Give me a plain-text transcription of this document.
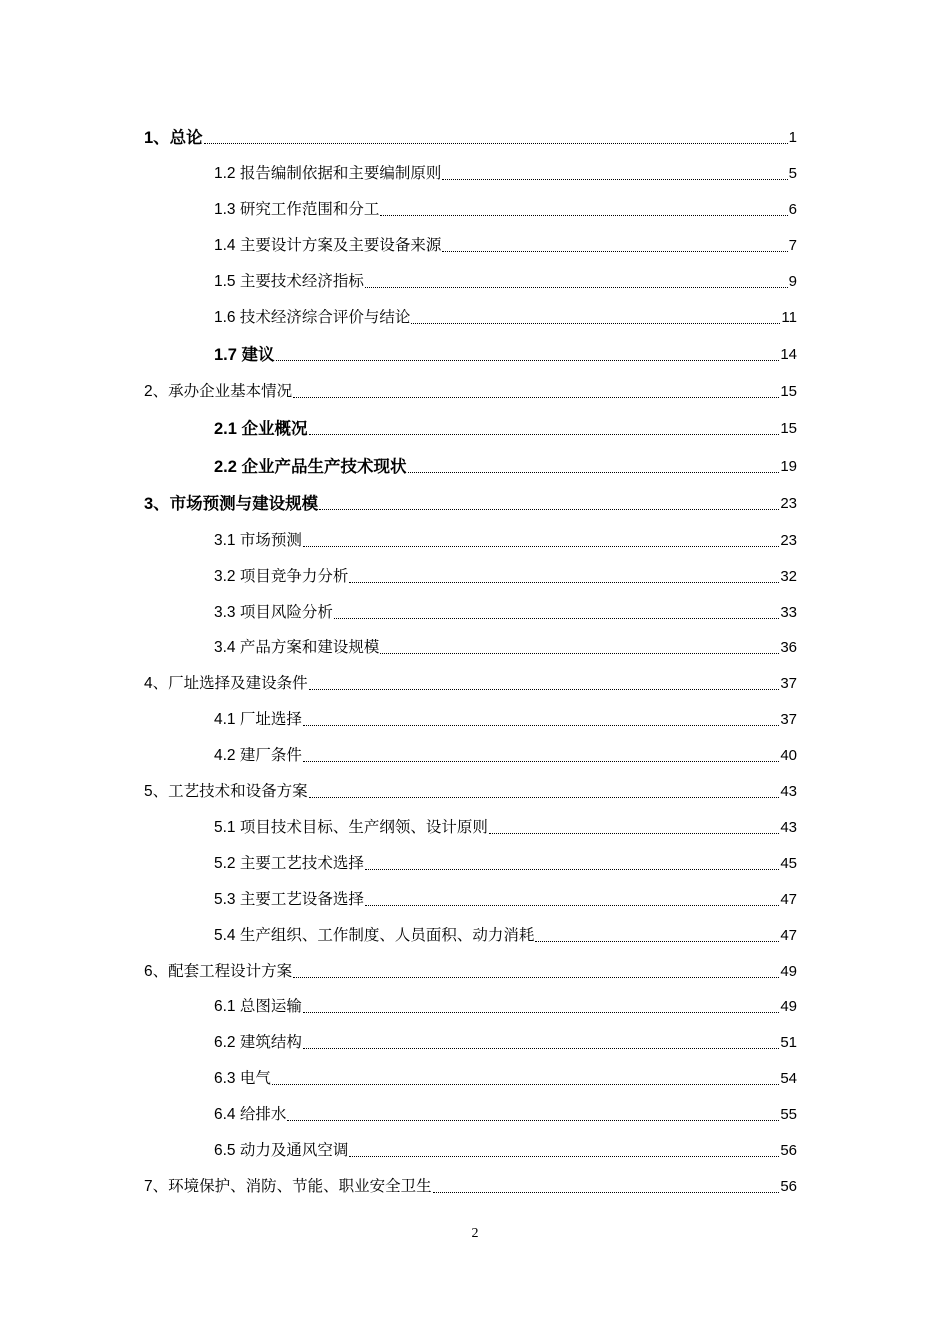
1、总论	1
1.2 报告编制依据和主要编制原则	5
1.3 研究工作范围和分工	6
1.4 主要设计方案及主要设备来源	7
1.5 主要技术经济指标	9
1.6 技术经济综合评价与结论	11
1.7 建议	14
2、承办企业基本情况	15
2.1 企业概况	15
2.2 企业产品生产技术现状	19
3、市场预测与建设规模	23
3.1 市场预测	23
3.2 项目竞争力分析	32
3.3 项目风险分析	33
3.4 产品方案和建设规模	36
4、厂址选择及建设条件	37
4.1 厂址选择	37
4.2 建厂条件	40
5、工艺技术和设备方案	43
5.1 项目技术目标、生产纲领、设计原则	43
5.2 主要工艺技术选择	45
5.3 主要工艺设备选择	47
5.4 生产组织、工作制度、人员面积、动力消耗	47
6、配套工程设计方案	49
6.1 总图运输	49
6.2 建筑结构	51
6.3 电气	54
6.4 给排水	55
6.5 动力及通风空调	56
7、环境保护、消防、节能、职业安全卫生	56
2
